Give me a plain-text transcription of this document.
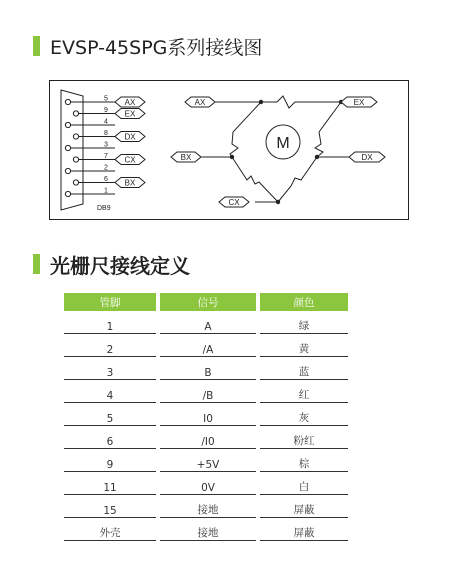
EVSP-45SPG系列接线图
5 AX
9 EX
4
8 DX
3
7 CX
2
6 BX
1
DB9
M
AX	EX
BX	DX
CX
光栅尺接线定义
管脚	信号	颜色
1	A	绿
2	/A	黄
3	B	蓝
4	/B	红
5	I0	灰
6	/I0	粉红
9	+5V	棕
11	0V	白
15	接地	屏蔽
外壳	接地	屏蔽
